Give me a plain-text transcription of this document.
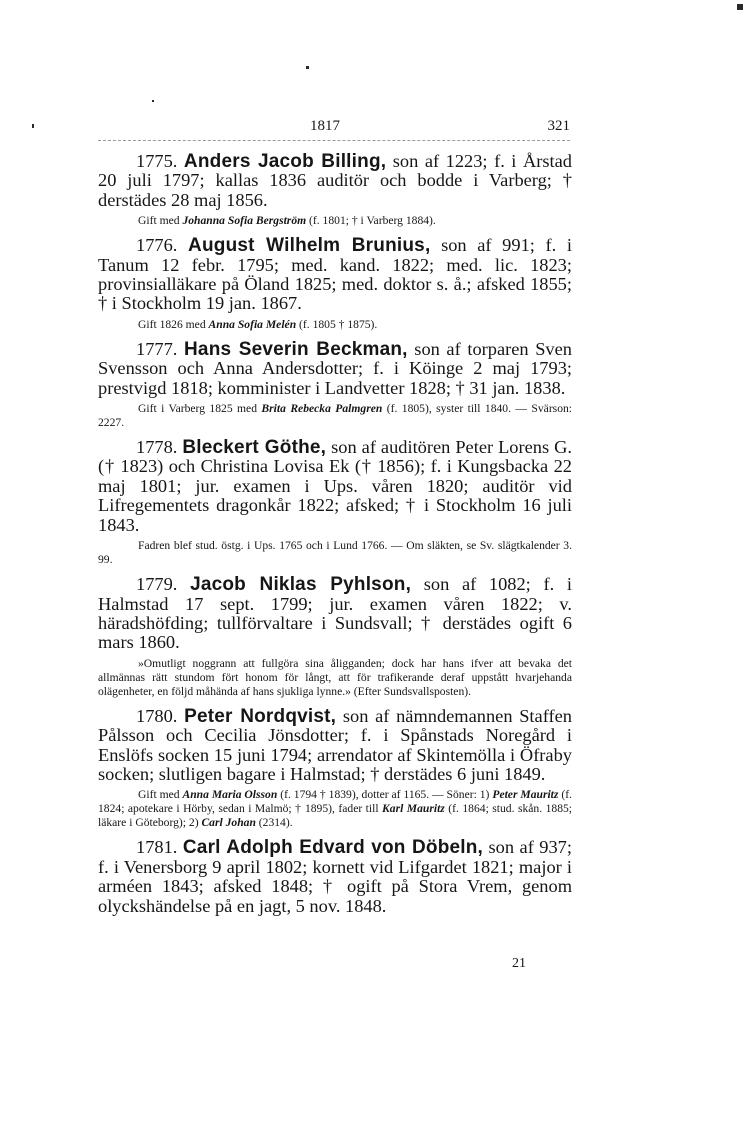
1817	321

1775. Anders Jacob Billing, son af 1223; f. i Årstad 20 juli 1797; kallas 1836 auditör och bodde i Varberg; † derstädes 28 maj 1856.

Gift med Johanna Sofia Bergström (f. 1801; † i Varberg 1884).

1776. August Wilhelm Brunius, son af 991; f. i Tanum 12 febr. 1795; med. kand. 1822; med. lic. 1823; provinsialläkare på Öland 1825; med. doktor s. å.; afsked 1855; † i Stockholm 19 jan. 1867.

Gift 1826 med Anna Sofia Melén (f. 1805 † 1875).

1777. Hans Severin Beckman, son af torparen Sven Svensson och Anna Andersdotter; f. i Köinge 2 maj 1793; prestvigd 1818; komminister i Landvetter 1828; † 31 jan. 1838.

Gift i Varberg 1825 med Brita Rebecka Palmgren (f. 1805), syster till 1840. — Svärson: 2227.

1778. Bleckert Göthe, son af auditören Peter Lorens G. († 1823) och Christina Lovisa Ek († 1856); f. i Kungsbacka 22 maj 1801; jur. examen i Ups. våren 1820; auditör vid Lifregementets dragonkår 1822; afsked; † i Stockholm 16 juli 1843.

Fadren blef stud. östg. i Ups. 1765 och i Lund 1766. — Om släkten, se Sv. slägtkalender 3. 99.

1779. Jacob Niklas Pyhlson, son af 1082; f. i Halmstad 17 sept. 1799; jur. examen våren 1822; v. häradshöfding; tullförvaltare i Sundsvall; † derstädes ogift 6 mars 1860.

»Omutligt noggrann att fullgöra sina åligganden; dock har hans ifver att bevaka det allmännas rätt stundom fört honom för långt, att för trafikerande deraf uppstått hvarjehanda olägenheter, en följd måhända af hans sjukliga lynne.» (Efter Sundsvallsposten).

1780. Peter Nordqvist, son af nämndemannen Staffen Pålsson och Cecilia Jönsdotter; f. i Spånstads Noregård i Enslöfs socken 15 juni 1794; arrendator af Skintemölla i Öfraby socken; slutligen bagare i Halmstad; † derstädes 6 juni 1849.

Gift med Anna Maria Olsson (f. 1794 † 1839), dotter af 1165. — Söner: 1) Peter Mauritz (f. 1824; apotekare i Hörby, sedan i Malmö; † 1895), fader till Karl Mauritz (f. 1864; stud. skån. 1885; läkare i Göteborg); 2) Carl Johan (2314).

1781. Carl Adolph Edvard von Döbeln, son af 937; f. i Venersborg 9 april 1802; kornett vid Lifgardet 1821; major i arméen 1843; afsked 1848; † ogift på Stora Vrem, genom olyckshändelse på en jagt, 5 nov. 1848.

21
